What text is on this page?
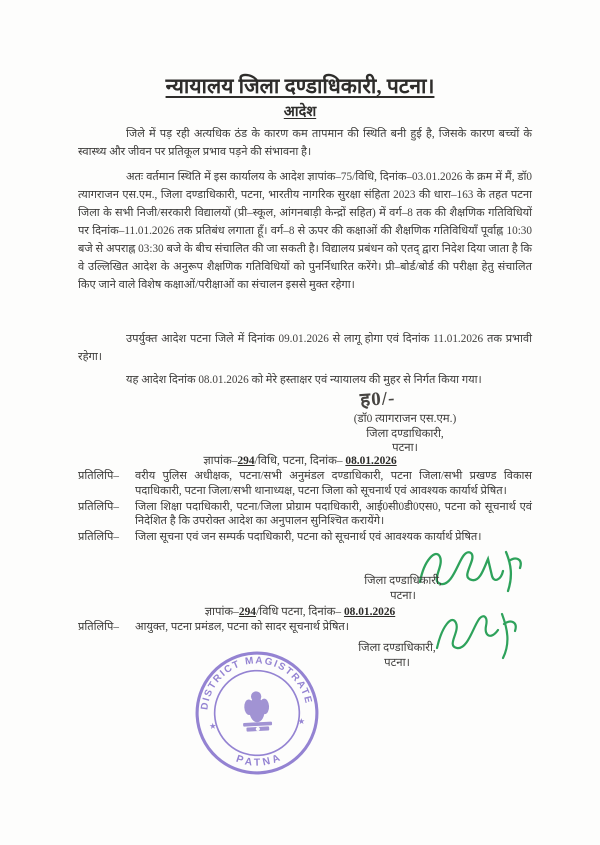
न्यायालय जिला दण्डाधिकारी, पटना।
आदेश

जिले में पड़ रही अत्यधिक ठंड के कारण कम तापमान की स्थिति बनी हुई है, जिसके कारण बच्चों के स्वास्थ्य और जीवन पर प्रतिकूल प्रभाव पड़ने की संभावना है।

अतः वर्तमान स्थिति में इस कार्यालय के आदेश ज्ञापांक–75/विधि, दिनांक–03.01.2026 के क्रम में मैं, डॉ0 त्यागराजन एस.एम., जिला दण्डाधिकारी, पटना, भारतीय नागरिक सुरक्षा संहिता 2023 की धारा–163 के तहत पटना जिला के सभी निजी/सरकारी विद्यालयों (प्री–स्कूल, आंगनबाड़ी केन्द्रों सहित) में वर्ग–8 तक की शैक्षणिक गतिविधियों पर दिनांक–11.01.2026 तक प्रतिबंध लगाता हूँ। वर्ग–8 से ऊपर की कक्षाओं की शैक्षणिक गतिविधियाँ पूर्वाह्न 10:30 बजे से अपराह्न 03:30 बजे के बीच संचालित की जा सकती है। विद्यालय प्रबंधन को एतद् द्वारा निदेश दिया जाता है कि वे उल्लिखित आदेश के अनुरूप शैक्षणिक गतिविधियों को पुनर्निधारित करेंगे। प्री–बोर्ड/बोर्ड की परीक्षा हेतु संचालित किए जाने वाले विशेष कक्षाओं/परीक्षाओं का संचालन इससे मुक्त रहेगा।

उपर्युक्त आदेश पटना जिले में दिनांक 09.01.2026 से लागू होगा एवं दिनांक 11.01.2026 तक प्रभावी रहेगा।

यह आदेश दिनांक 08.01.2026 को मेरे हस्ताक्षर एवं न्यायालय की मुहर से निर्गत किया गया।

ह0/-
(डॉ0 त्यागराजन एस.एम.)
जिला दण्डाधिकारी,
पटना।
ज्ञापांक–294/विधि, पटना, दिनांक– 08.01.2026
प्रतिलिपि–	वरीय पुलिस अधीक्षक, पटना/सभी अनुमंडल दण्डाधिकारी, पटना जिला/सभी प्रखण्ड विकास पदाधिकारी, पटना जिला/सभी थानाध्यक्ष, पटना जिला को सूचनार्थ एवं आवश्यक कार्यार्थ प्रेषित।
प्रतिलिपि–	जिला शिक्षा पदाधिकारी, पटना/जिला प्रोग्राम पदाधिकारी, आई0सी0डी0एस0, पटना को सूचनार्थ एवं निदेशित है कि उपरोक्त आदेश का अनुपालन सुनिश्चित करायेंगे।
प्रतिलिपि–	जिला सूचना एवं जन सम्पर्क पदाधिकारी, पटना को सूचनार्थ एवं आवश्यक कार्यार्थ प्रेषित।
जिला दण्डाधिकारी,
पटना।
ज्ञापांक–294/विधि पटना, दिनांक– 08.01.2026
प्रतिलिपि–	आयुक्त, पटना प्रमंडल, पटना को सादर सूचनार्थ प्रेषित।
जिला दण्डाधिकारी,
पटना।
DISTRICT MAGISTRATE
PATNA
★	★
